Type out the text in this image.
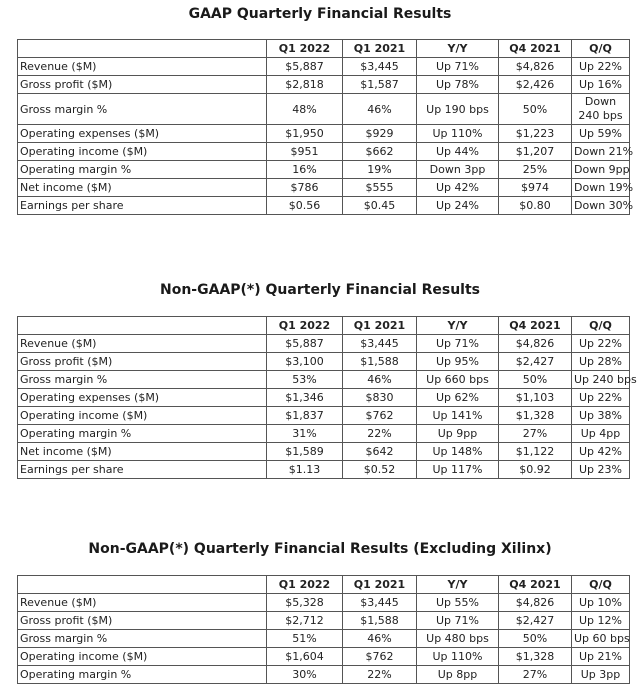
GAAP Quarterly Financial Results
	Q1 2022	Q1 2021	Y/Y	Q4 2021	Q/Q
Revenue ($M)	$5,887	$3,445	Up 71%	$4,826	Up 22%
Gross profit ($M)	$2,818	$1,587	Up 78%	$2,426	Up 16%
Gross margin %	48%	46%	Up 190 bps	50%	Down 240 bps
Operating expenses ($M)	$1,950	$929	Up 110%	$1,223	Up 59%
Operating income ($M)	$951	$662	Up 44%	$1,207	Down 21%
Operating margin %	16%	19%	Down 3pp	25%	Down 9pp
Net income ($M)	$786	$555	Up 42%	$974	Down 19%
Earnings per share	$0.56	$0.45	Up 24%	$0.80	Down 30%
Non-GAAP(*) Quarterly Financial Results
	Q1 2022	Q1 2021	Y/Y	Q4 2021	Q/Q
Revenue ($M)	$5,887	$3,445	Up 71%	$4,826	Up 22%
Gross profit ($M)	$3,100	$1,588	Up 95%	$2,427	Up 28%
Gross margin %	53%	46%	Up 660 bps	50%	Up 240 bps
Operating expenses ($M)	$1,346	$830	Up 62%	$1,103	Up 22%
Operating income ($M)	$1,837	$762	Up 141%	$1,328	Up 38%
Operating margin %	31%	22%	Up 9pp	27%	Up 4pp
Net income ($M)	$1,589	$642	Up 148%	$1,122	Up 42%
Earnings per share	$1.13	$0.52	Up 117%	$0.92	Up 23%
Non-GAAP(*) Quarterly Financial Results (Excluding Xilinx)
	Q1 2022	Q1 2021	Y/Y	Q4 2021	Q/Q
Revenue ($M)	$5,328	$3,445	Up 55%	$4,826	Up 10%
Gross profit ($M)	$2,712	$1,588	Up 71%	$2,427	Up 12%
Gross margin %	51%	46%	Up 480 bps	50%	Up 60 bps
Operating income ($M)	$1,604	$762	Up 110%	$1,328	Up 21%
Operating margin %	30%	22%	Up 8pp	27%	Up 3pp
